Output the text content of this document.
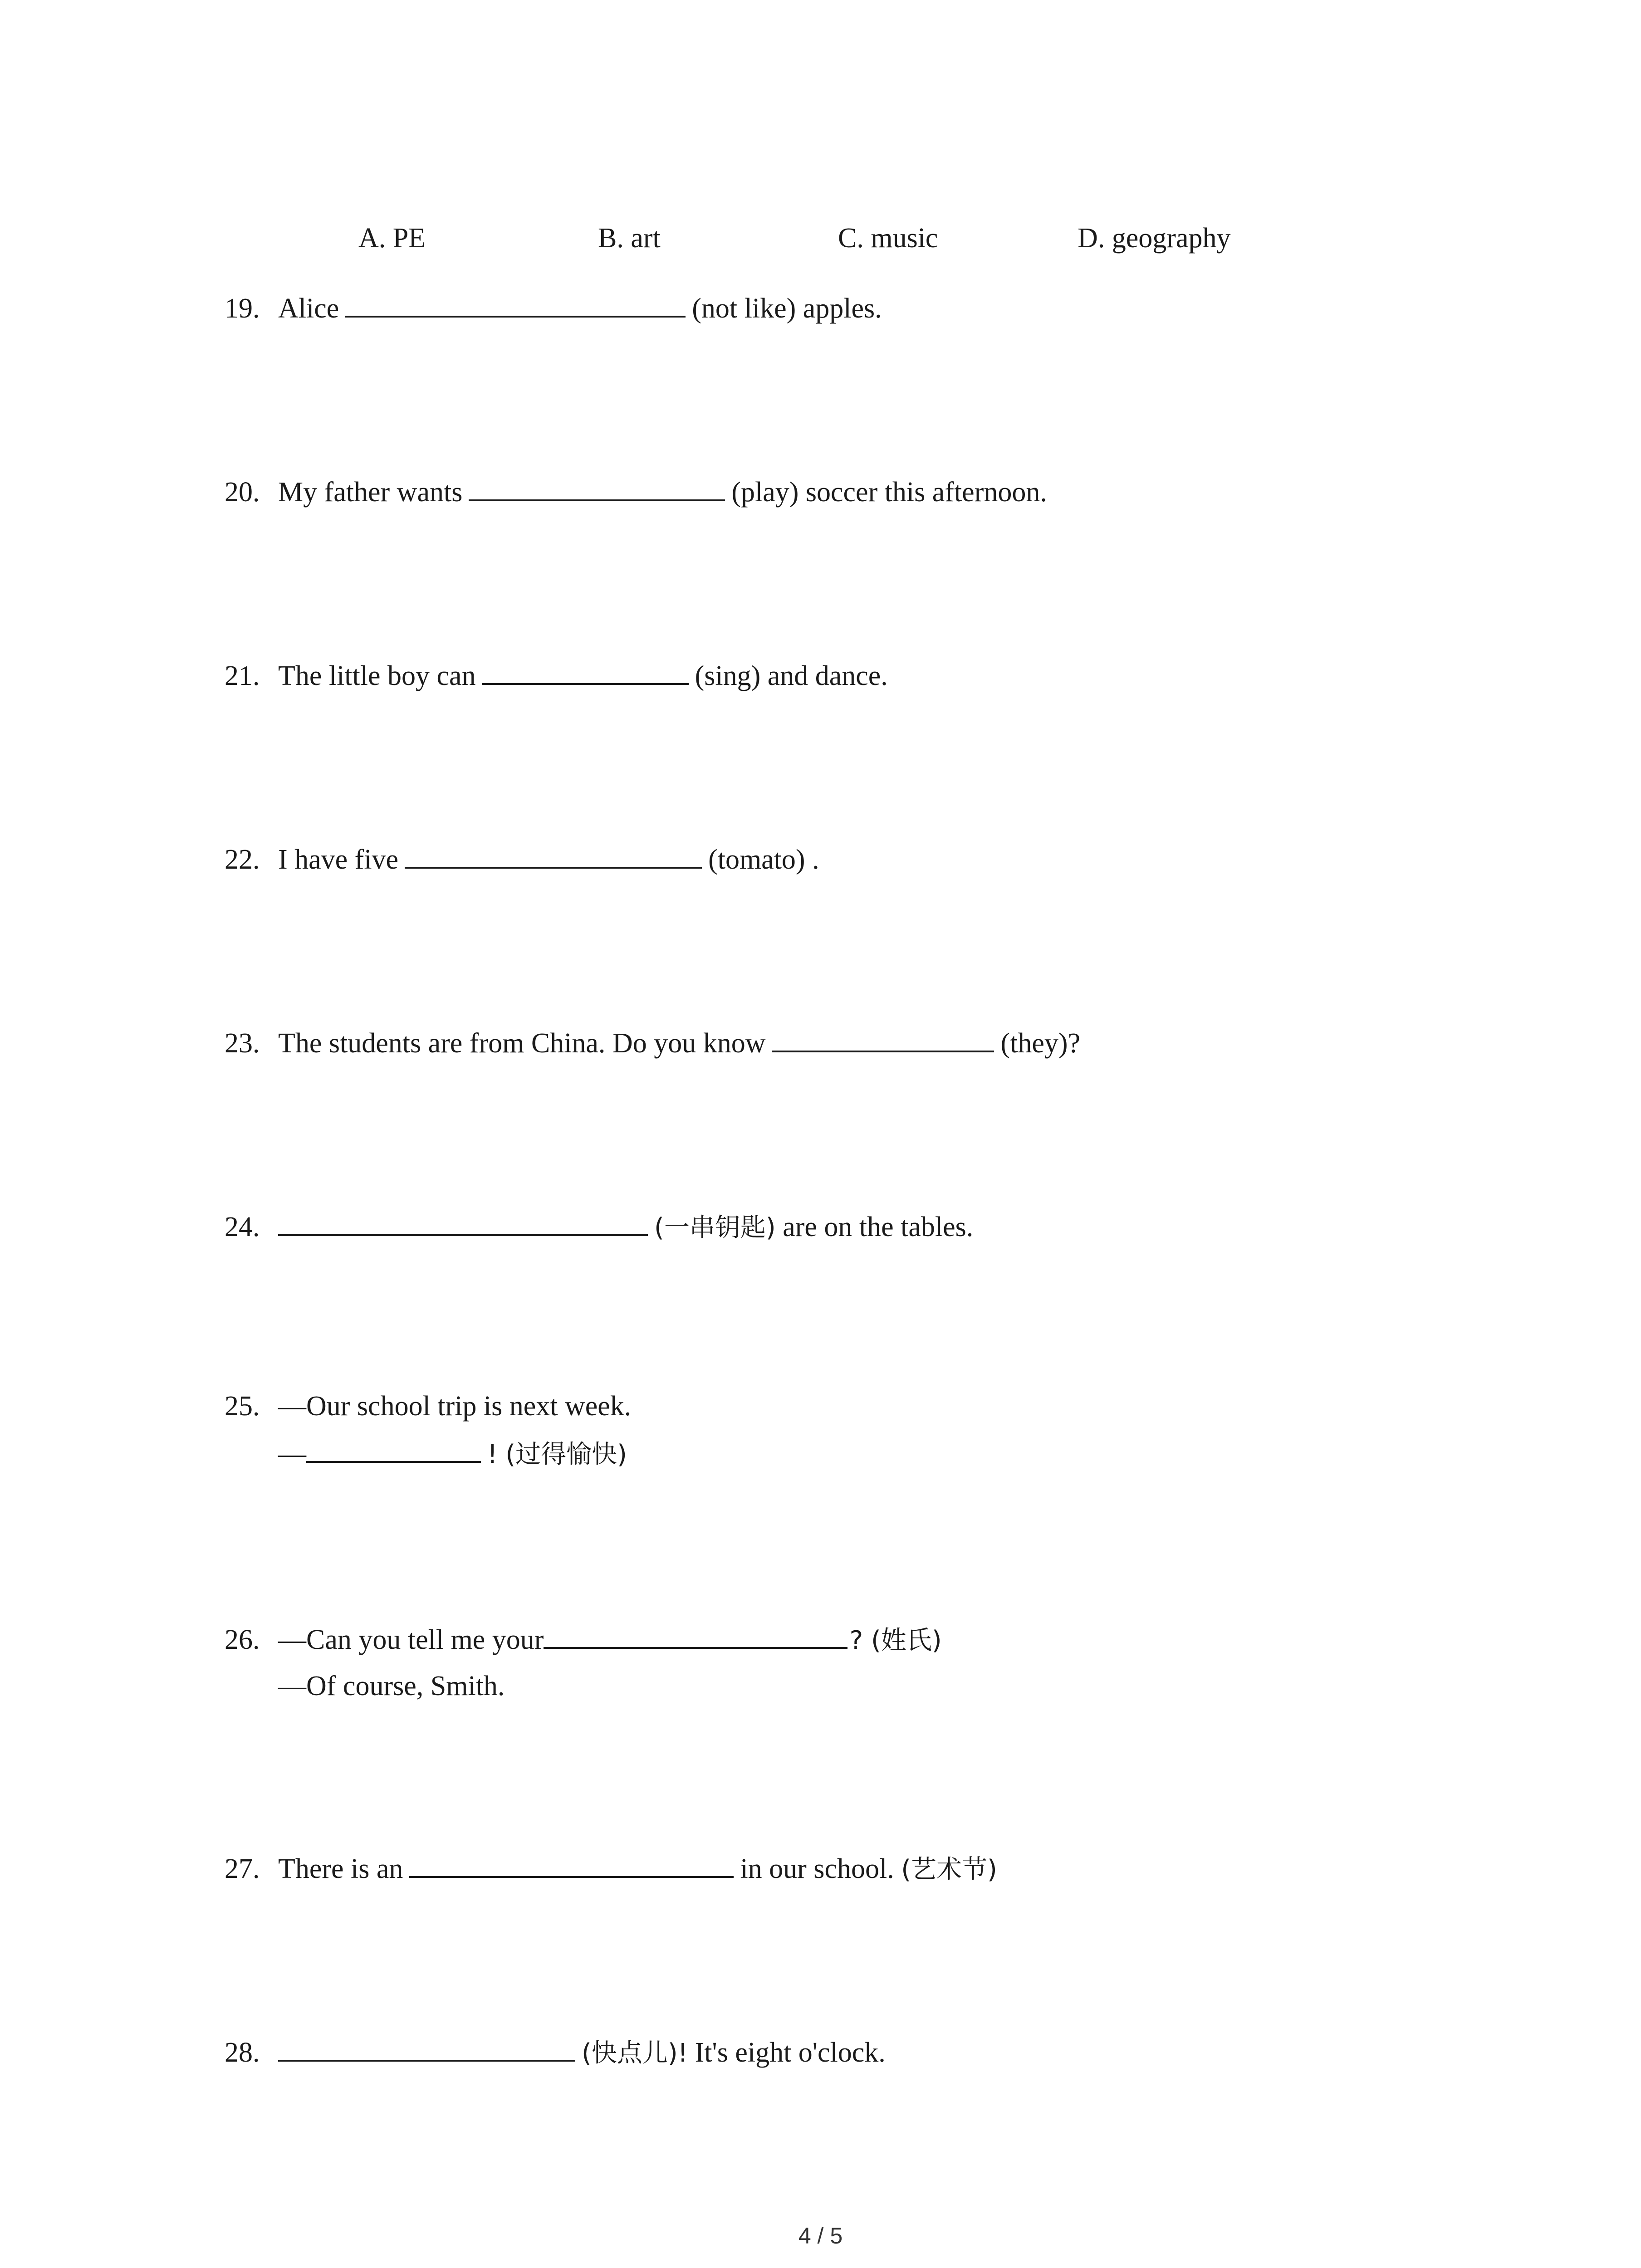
A. PE	B. art	C. music	D. geography
19. Alice	(not like) apples.
20. My father wants	(play) soccer this afternoon.
21. The little boy can	(sing) and dance.
22. I have five	(tomato) .
23. The students are from China. Do you know	(they)?
24.	(一串钥匙) are on the tables.
25. —Our school trip is next week.
—	! (过得愉快)
26. —Can you tell me your	? (姓氏)
—Of course, Smith.
27. There is an	in our school. (艺术节)
28.	(快点儿)! It's eight o'clock.
4 / 5
